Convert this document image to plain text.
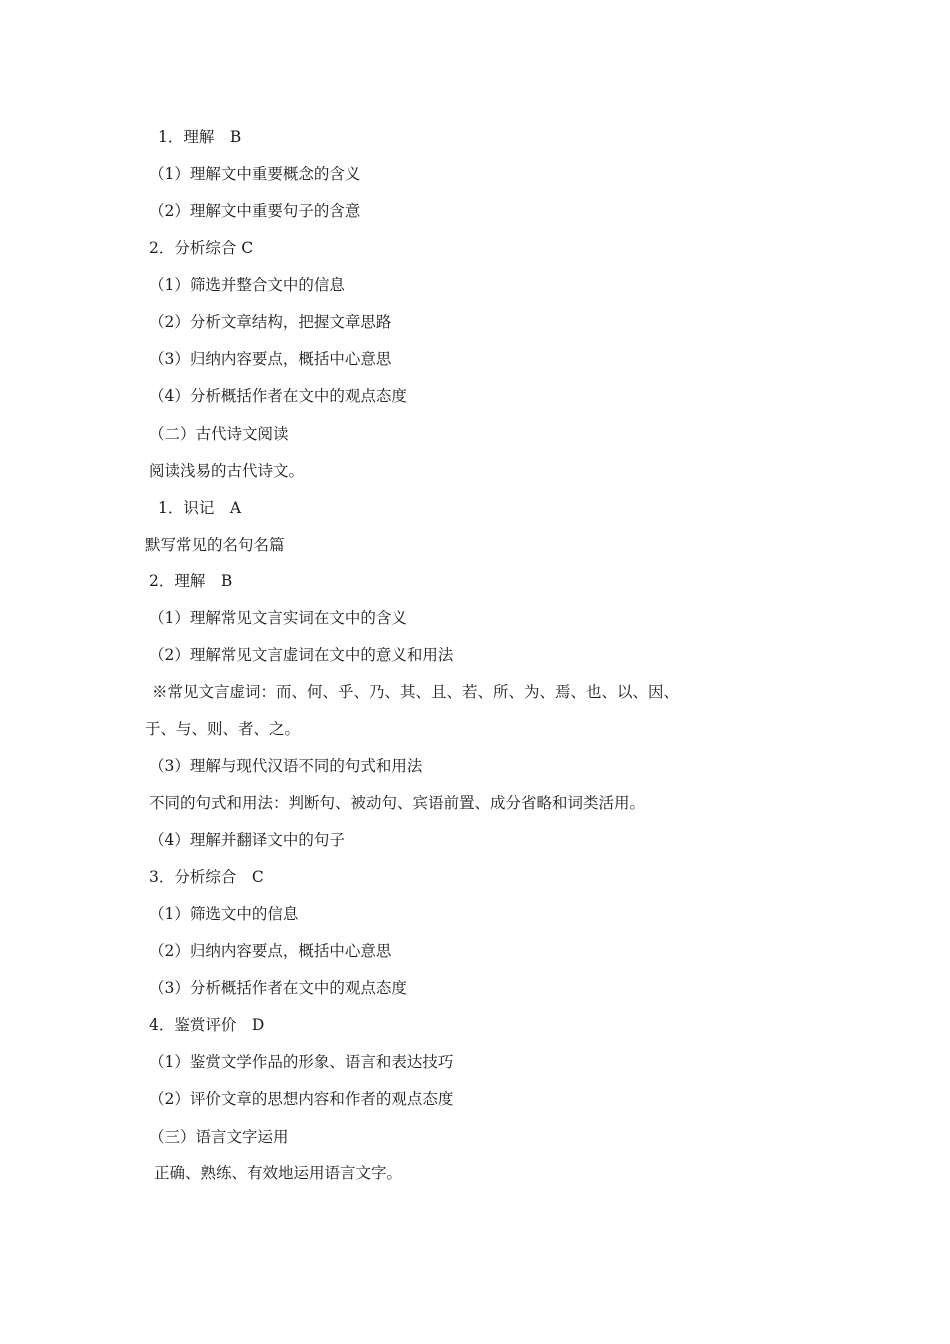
1．理解　B
（1）理解文中重要概念的含义
（2）理解文中重要句子的含意
2．分析综合 C
（1）筛选并整合文中的信息
（2）分析文章结构，把握文章思路
（3）归纳内容要点，概括中心意思
（4）分析概括作者在文中的观点态度
（二）古代诗文阅读
阅读浅易的古代诗文。
1．识记　A
默写常见的名句名篇
2．理解　B
（1）理解常见文言实词在文中的含义
（2）理解常见文言虚词在文中的意义和用法
※常见文言虚词：而、何、乎、乃、其、且、若、所、为、焉、也、以、因、
于、与、则、者、之。
（3）理解与现代汉语不同的句式和用法
不同的句式和用法：判断句、被动句、宾语前置、成分省略和词类活用。
（4）理解并翻译文中的句子
3．分析综合　C
（1）筛选文中的信息
（2）归纳内容要点，概括中心意思
（3）分析概括作者在文中的观点态度
4．鉴赏评价　D
（1）鉴赏文学作品的形象、语言和表达技巧
（2）评价文章的思想内容和作者的观点态度
（三）语言文字运用
正确、熟练、有效地运用语言文字。
